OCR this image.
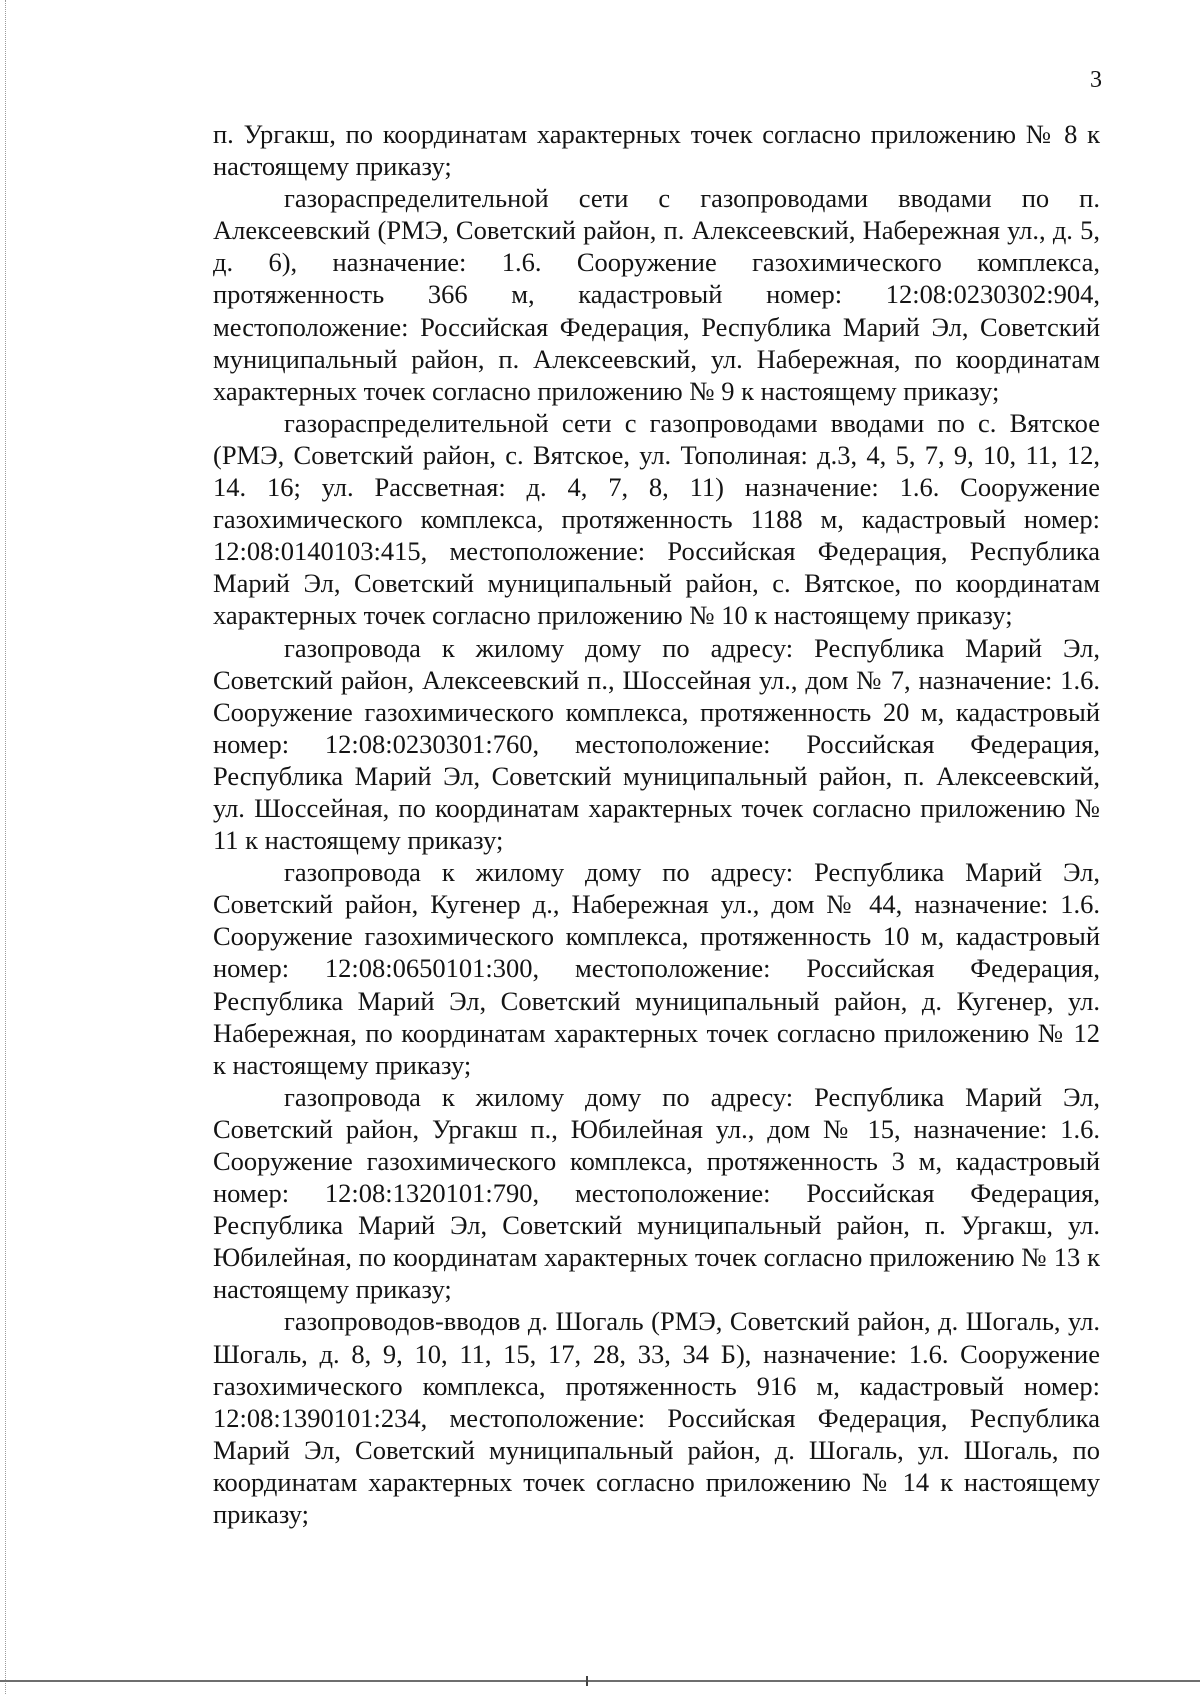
3

п. Ургакш, по координатам характерных точек согласно приложению № 8 к настоящему приказу;

газораспределительной сети с газопроводами вводами по п. Алексеевский (РМЭ, Советский район, п. Алексеевский, Набережная ул., д. 5, д. 6), назначение: 1.6. Сооружение газохимического комплекса, протяженность 366 м, кадастровый номер: 12:08:0230302:904, местоположение: Российская Федерация, Республика Марий Эл, Советский муниципальный район, п. Алексеевский, ул. Набережная, по координатам характерных точек согласно приложению № 9 к настоящему приказу;

газораспределительной сети с газопроводами вводами по с. Вятское (РМЭ, Советский район, с. Вятское, ул. Тополиная: д.3, 4, 5, 7, 9, 10, 11, 12, 14. 16; ул. Рассветная: д. 4, 7, 8, 11) назначение: 1.6. Сооружение газохимического комплекса, протяженность 1188 м, кадастровый номер: 12:08:0140103:415, местоположение: Российская Федерация, Республика Марий Эл, Советский муниципальный район, с. Вятское, по координатам характерных точек согласно приложению № 10 к настоящему приказу;

газопровода к жилому дому по адресу: Республика Марий Эл, Советский район, Алексеевский п., Шоссейная ул., дом № 7, назначение: 1.6. Сооружение газохимического комплекса, протяженность 20 м, кадастровый номер: 12:08:0230301:760, местоположение: Российская Федерация, Республика Марий Эл, Советский муниципальный район, п. Алексеевский, ул. Шоссейная, по координатам характерных точек согласно приложению № 11 к настоящему приказу;

газопровода к жилому дому по адресу: Республика Марий Эл, Советский район, Кугенер д., Набережная ул., дом № 44, назначение: 1.6. Сооружение газохимического комплекса, протяженность 10 м, кадастровый номер: 12:08:0650101:300, местоположение: Российская Федерация, Республика Марий Эл, Советский муниципальный район, д. Кугенер, ул. Набережная, по координатам характерных точек согласно приложению № 12 к настоящему приказу;

газопровода к жилому дому по адресу: Республика Марий Эл, Советский район, Ургакш п., Юбилейная ул., дом № 15, назначение: 1.6. Сооружение газохимического комплекса, протяженность 3 м, кадастровый номер: 12:08:1320101:790, местоположение: Российская Федерация, Республика Марий Эл, Советский муниципальный район, п. Ургакш, ул. Юбилейная, по координатам характерных точек согласно приложению № 13 к настоящему приказу;

газопроводов-вводов д. Шогаль (РМЭ, Советский район, д. Шогаль, ул. Шогаль, д. 8, 9, 10, 11, 15, 17, 28, 33, 34 Б), назначение: 1.6. Сооружение газохимического комплекса, протяженность 916 м, кадастровый номер: 12:08:1390101:234, местоположение: Российская Федерация, Республика Марий Эл, Советский муниципальный район, д. Шогаль, ул. Шогаль, по координатам характерных точек согласно приложению № 14 к настоящему приказу;
